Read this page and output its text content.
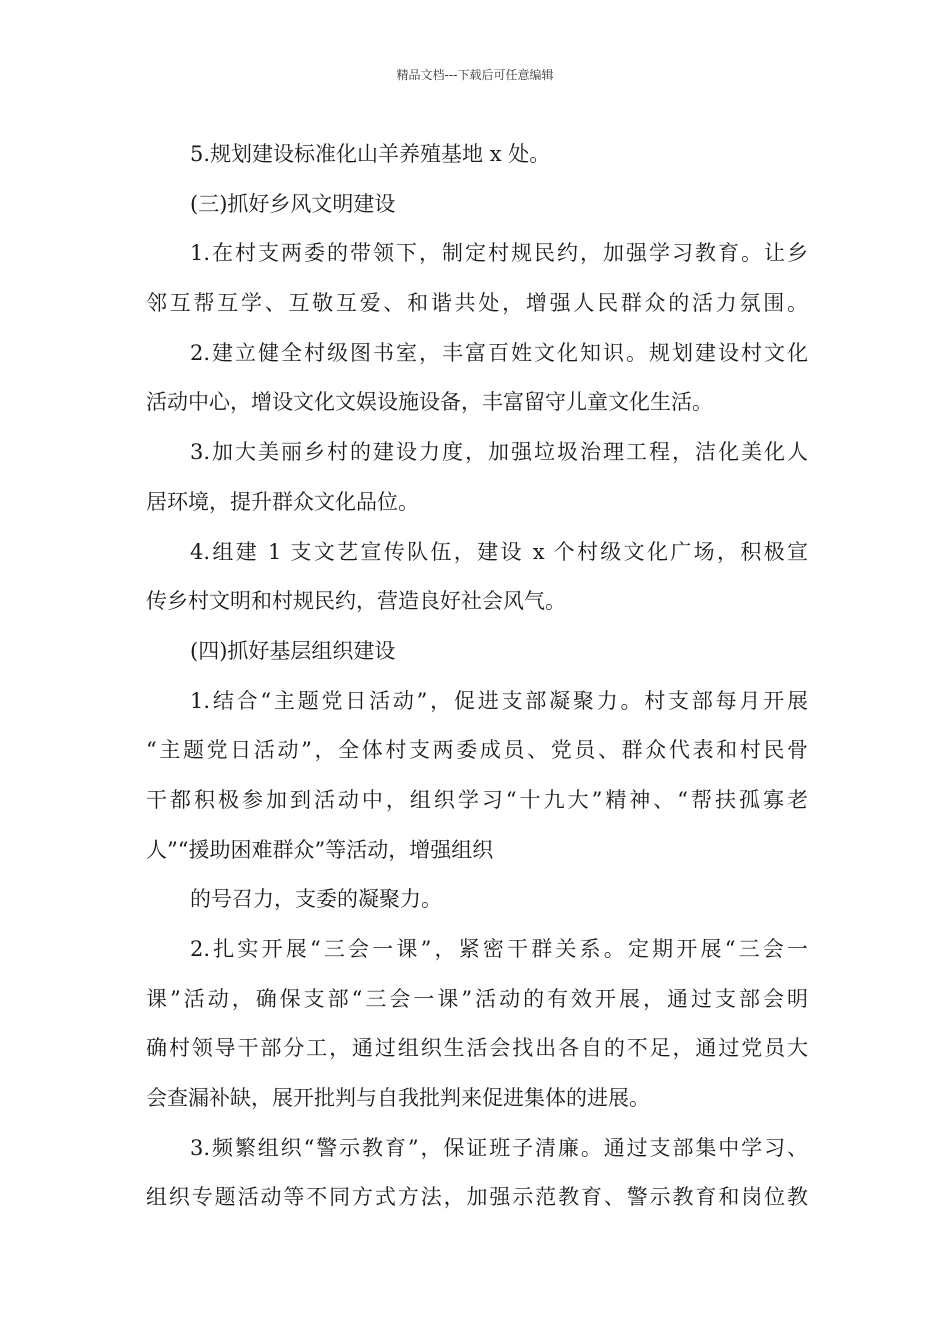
精品文档---下载后可任意编辑
5.规划建设标准化山羊养殖基地 x 处。
(三)抓好乡风文明建设
1.在村支两委的带领下，制定村规民约，加强学习教育。让乡
邻互帮互学、互敬互爱、和谐共处，增强人民群众的活力氛围。
2.建立健全村级图书室，丰富百姓文化知识。规划建设村文化
活动中心，增设文化文娱设施设备，丰富留守儿童文化生活。
3.加大美丽乡村的建设力度，加强垃圾治理工程，洁化美化人
居环境，提升群众文化品位。
4.组建 1 支文艺宣传队伍，建设 x 个村级文化广场，积极宣
传乡村文明和村规民约，营造良好社会风气。
(四)抓好基层组织建设
1.结合“主题党日活动”，促进支部凝聚力。村支部每月开展
“主题党日活动”，全体村支两委成员、党员、群众代表和村民骨
干都积极参加到活动中，组织学习“十九大”精神、“帮扶孤寡老
人”“援助困难群众”等活动，增强组织
的号召力，支委的凝聚力。
2.扎实开展“三会一课”，紧密干群关系。定期开展“三会一
课”活动，确保支部“三会一课”活动的有效开展，通过支部会明
确村领导干部分工，通过组织生活会找出各自的不足，通过党员大
会查漏补缺，展开批判与自我批判来促进集体的进展。
3.频繁组织“警示教育”，保证班子清廉。通过支部集中学习、
组织专题活动等不同方式方法，加强示范教育、警示教育和岗位教
